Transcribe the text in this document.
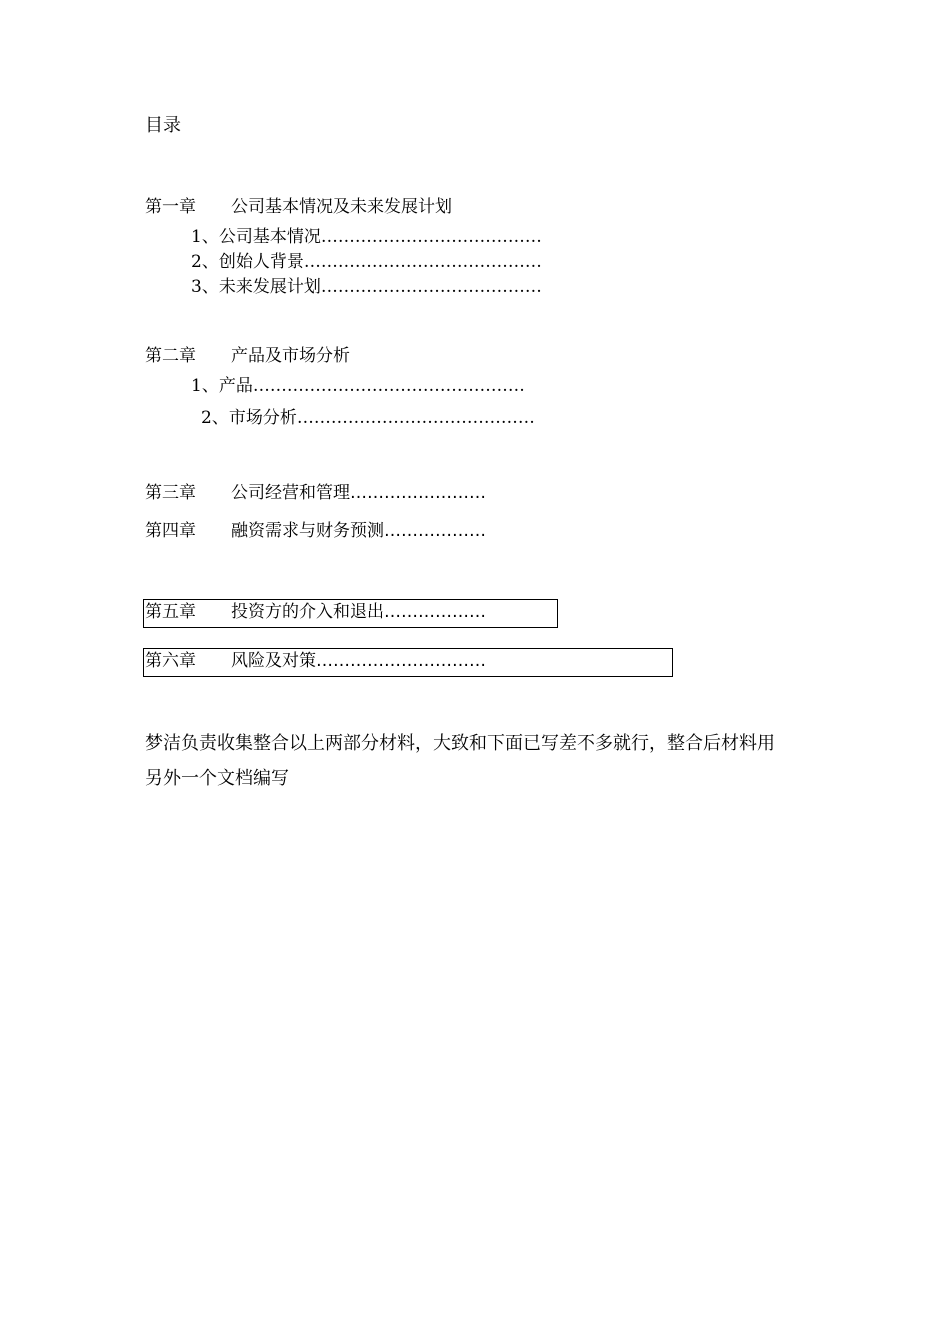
目录
第一章 公司基本情况及未来发展计划
1、公司基本情况…………………………………
2、创始人背景……………………………………
3、未来发展计划…………………………………
第二章 产品及市场分析
1、产品…………………………………………
2、市场分析……………………………………
第三章 公司经营和管理……………………
第四章 融资需求与财务预测………………
第五章 投资方的介入和退出………………
第六章 风险及对策…………………………
梦洁负责收集整合以上两部分材料，大致和下面已写差不多就行，整合后材料用
另外一个文档编写
